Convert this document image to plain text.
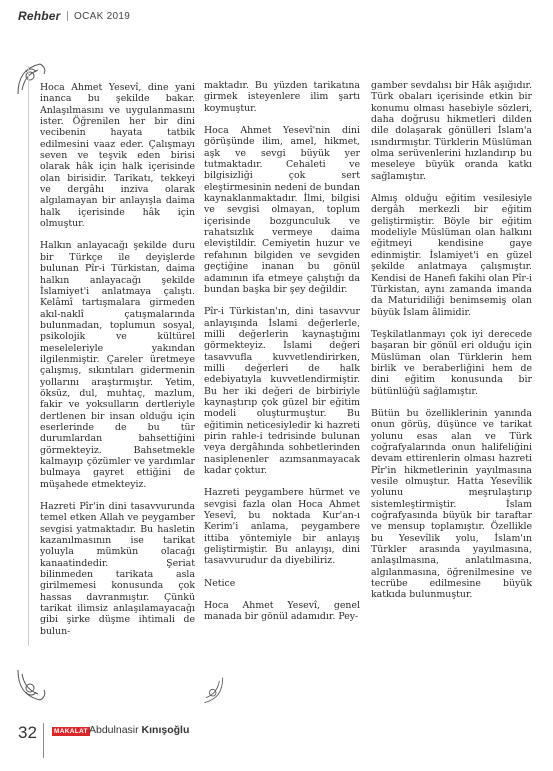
Rehber OCAK 2019

Hoca Ahmet Yesevî, dine yani inanca bu şekilde bakar. Anlaşılmasını ve uygulanmasını ister. Öğrenilen her bir dini vecibenin hayata tatbik edilmesini vaaz eder. Çalışmayı seven ve teşvik eden birisi olarak hâk için halk içerisinde olan birisidir. Tarikatı, tekkeyi ve dergâhı inziva olarak algılamayan bir anlayışla daima halk içerisinde hâk için olmuştur.

Halkın anlayacağı şekilde duru bir Türkçe ile deyişlerde bulunan Pîr-i Türkistan, daima halkın anlayacağı şekilde İslamiyet'i anlatmaya çalıştı. Kelâmî tartışmalara girmeden akıl-naklî çatışmalarında bulunmadan, toplumun sosyal, psikolojik ve kültürel meseleleriyle yakından ilgilenmiştir. Çareler üretmeye çalışmış, sıkıntıları gidermenin yollarını araştırmıştır. Yetim, öksüz, dul, muhtaç, mazlum, fakir ve yoksulların dertleriyle dertlenen bir insan olduğu için eserlerinde de bu tür durumlardan bahsettiğini görmekteyiz. Bahsetmekle kalmayıp çözümler ve yardımlar bulmaya gayret ettiğini de müşahede etmekteyiz.

Hazreti Pîr'in dini tasavvurunda temel etken Allah ve peygamber sevgisi yatmaktadır. Bu hasletin kazanılmasının ise tarikat yoluyla mümkün olacağı kanaatindedir. Şeriat bilinmeden tarikata asla girilmemesi konusunda çok hassas davranmıştır. Çünkü tarikat ilimsiz anlaşılamayacağı gibi şirke düşme ihtimali de bulun-

maktadır. Bu yüzden tarikatına girmek isteyenlere ilim şartı koymuştur.

Hoca Ahmet Yesevî'nin dini görüşünde ilim, amel, hikmet, aşk ve sevgi büyük yer tutmaktadır. Cehaleti ve bilgisizliği çok sert eleştirmesinin nedeni de bundan kaynaklanmaktadır. İlmi, bilgisi ve sevgisi olmayan, toplum içerisinde bozgunculuk ve rahatsızlık vermeye daima eleviştildir. Cemiyetin huzur ve refahının bilgiden ve sevgiden geçtiğine inanan bu gönül adamının ifa etmeye çalıştığı da bundan başka bir şey değildir.

Pîr-i Türkistan'ın, dini tasavvur anlayışında İslami değerlerle, milli değerlerin kaynaştığını görmekteyiz. İslami değeri tasavvufla kuvvetlendirirken, milli değerleri de halk edebiyatıyla kuvvetlendirmiştir. Bu her iki değeri de birbiriyle kaynaştırıp çok güzel bir eğitim modeli oluşturmuştur. Bu eğitimin neticesiyledir ki hazreti pirin rahle-i tedrisinde bulunan veya dergâhında sohbetlerinden nasiplenenler azımsanmayacak kadar çoktur.

Hazreti peygambere hürmet ve sevgisi fazla olan Hoca Ahmet Yesevî, bu noktada Kur'an-ı Kerim'i anlama, peygambere ittiba yöntemiyle bir anlayış geliştirmiştir. Bu anlayışı, dini tasavvurudur da diyebiliriz.

Netice

Hoca Ahmet Yesevî, genel manada bir gönül adamıdır. Pey-

gamber sevdalısı bir Hâk aşığıdır. Türk obaları içerisinde etkin bir konumu olması hasebiyle sözleri, daha doğrusu hikmetleri dilden dile dolaşarak gönülleri İslam'a ısındırmıştır. Türklerin Müslüman olma serüvenlerini hızlandırıp bu meseleye büyük oranda katkı sağlamıştır.

Almış olduğu eğitim vesilesiyle dergâh merkezli bir eğitim geliştirmiştir. Böyle bir eğitim modeliyle Müslüman olan halkını eğitmeyi kendisine gaye edinmiştir. İslamiyet'i en güzel şekilde anlatmaya çalışmıştır. Kendisi de Hanefi fakihi olan Pîr-i Türkistan, aynı zamanda imanda da Maturidiliği benimsemiş olan büyük İslam âlimidir.

Teşkilatlanmayı çok iyi derecede başaran bir gönül eri olduğu için Müslüman olan Türklerin hem birlik ve beraberliğini hem de dini eğitim konusunda bir bütünlüğü sağlamıştır.

Bütün bu özelliklerinin yanında onun görüş, düşünce ve tarikat yolunu esas alan ve Türk coğrafyalarında onun halifeliğini devam ettirenlerin olması hazreti Pîr'in hikmetlerinin yayılmasına vesile olmuştur. Hatta Yesevîlik yolunu meşrulaştırıp sistemleştirmiştir. İslam coğrafyasında büyük bir taraftar ve mensup toplamıştır. Özellikle bu Yesevîlik yolu, İslam'ın Türkler arasında yayılmasına, anlaşılmasına, anlatılmasına, algılanmasına, öğrenilmesine ve tecrübe edilmesine büyük katkıda bulunmuştur.

32	MAKALAT Abdulnasir Kınışoğlu
